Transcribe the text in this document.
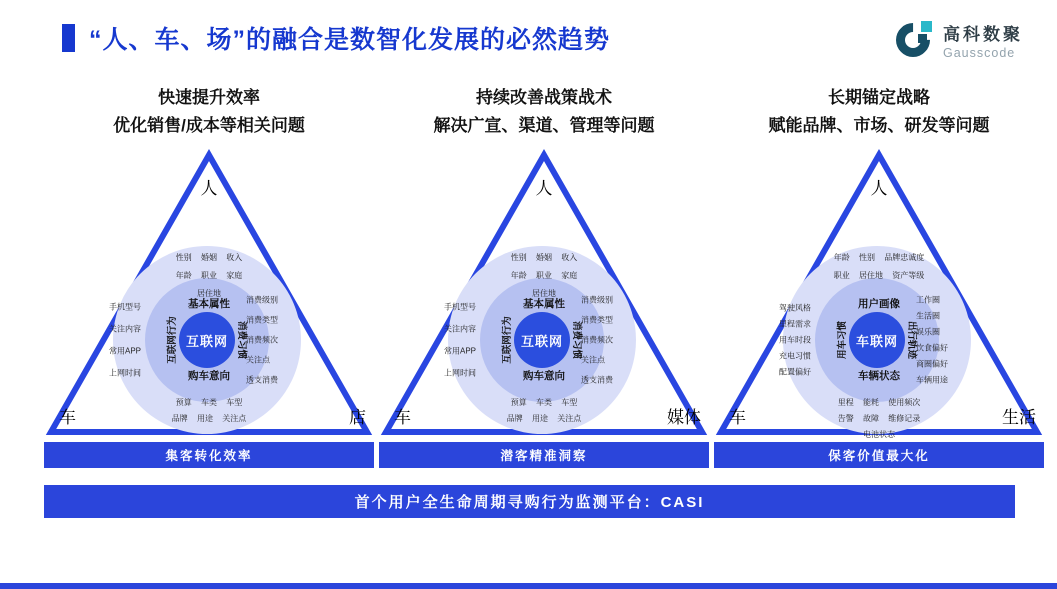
“人、车、场”的融合是数智化发展的必然趋势	高科数聚
Gausscode
快速提升效率
优化销售/成本等相关问题
互联网
性别 婚姻 收入
年龄 职业 家庭
居住地
基本属性
购车意向
互联网行为	消费习惯
手机型号
关注内容
常用APP
上网时间
消费级别
消费类型
消费频次
关注点
透支消费
预算 车类 车型
品牌 用途 关注点
人
车	店
集客转化效率
持续改善战策战术
解决广宣、渠道、管理等问题
互联网
性别 婚姻 收入
年龄 职业 家庭
居住地
基本属性
购车意向
互联网行为	消费习惯
手机型号
关注内容
常用APP
上网时间
消费级别
消费类型
消费频次
关注点
透支消费
预算 车类 车型
品牌 用途 关注点
人
车	媒体
潜客精准洞察
长期锚定战略
赋能品牌、市场、研发等问题
车联网
年龄 性别 品牌忠诚度
职业 居住地 资产等级
用户画像
车辆状态
用车习惯	出行轨迹
驾驶风格
里程需求
用车时段
充电习惯
配置偏好
工作圈
生活圈
娱乐圈
饮食偏好
商圈偏好
车辆用途
里程 能耗 使用频次
告警 故障 维修记录
电池状态
人
车	生活
保客价值最大化
首个用户全生命周期寻购行为监测平台：CASI
